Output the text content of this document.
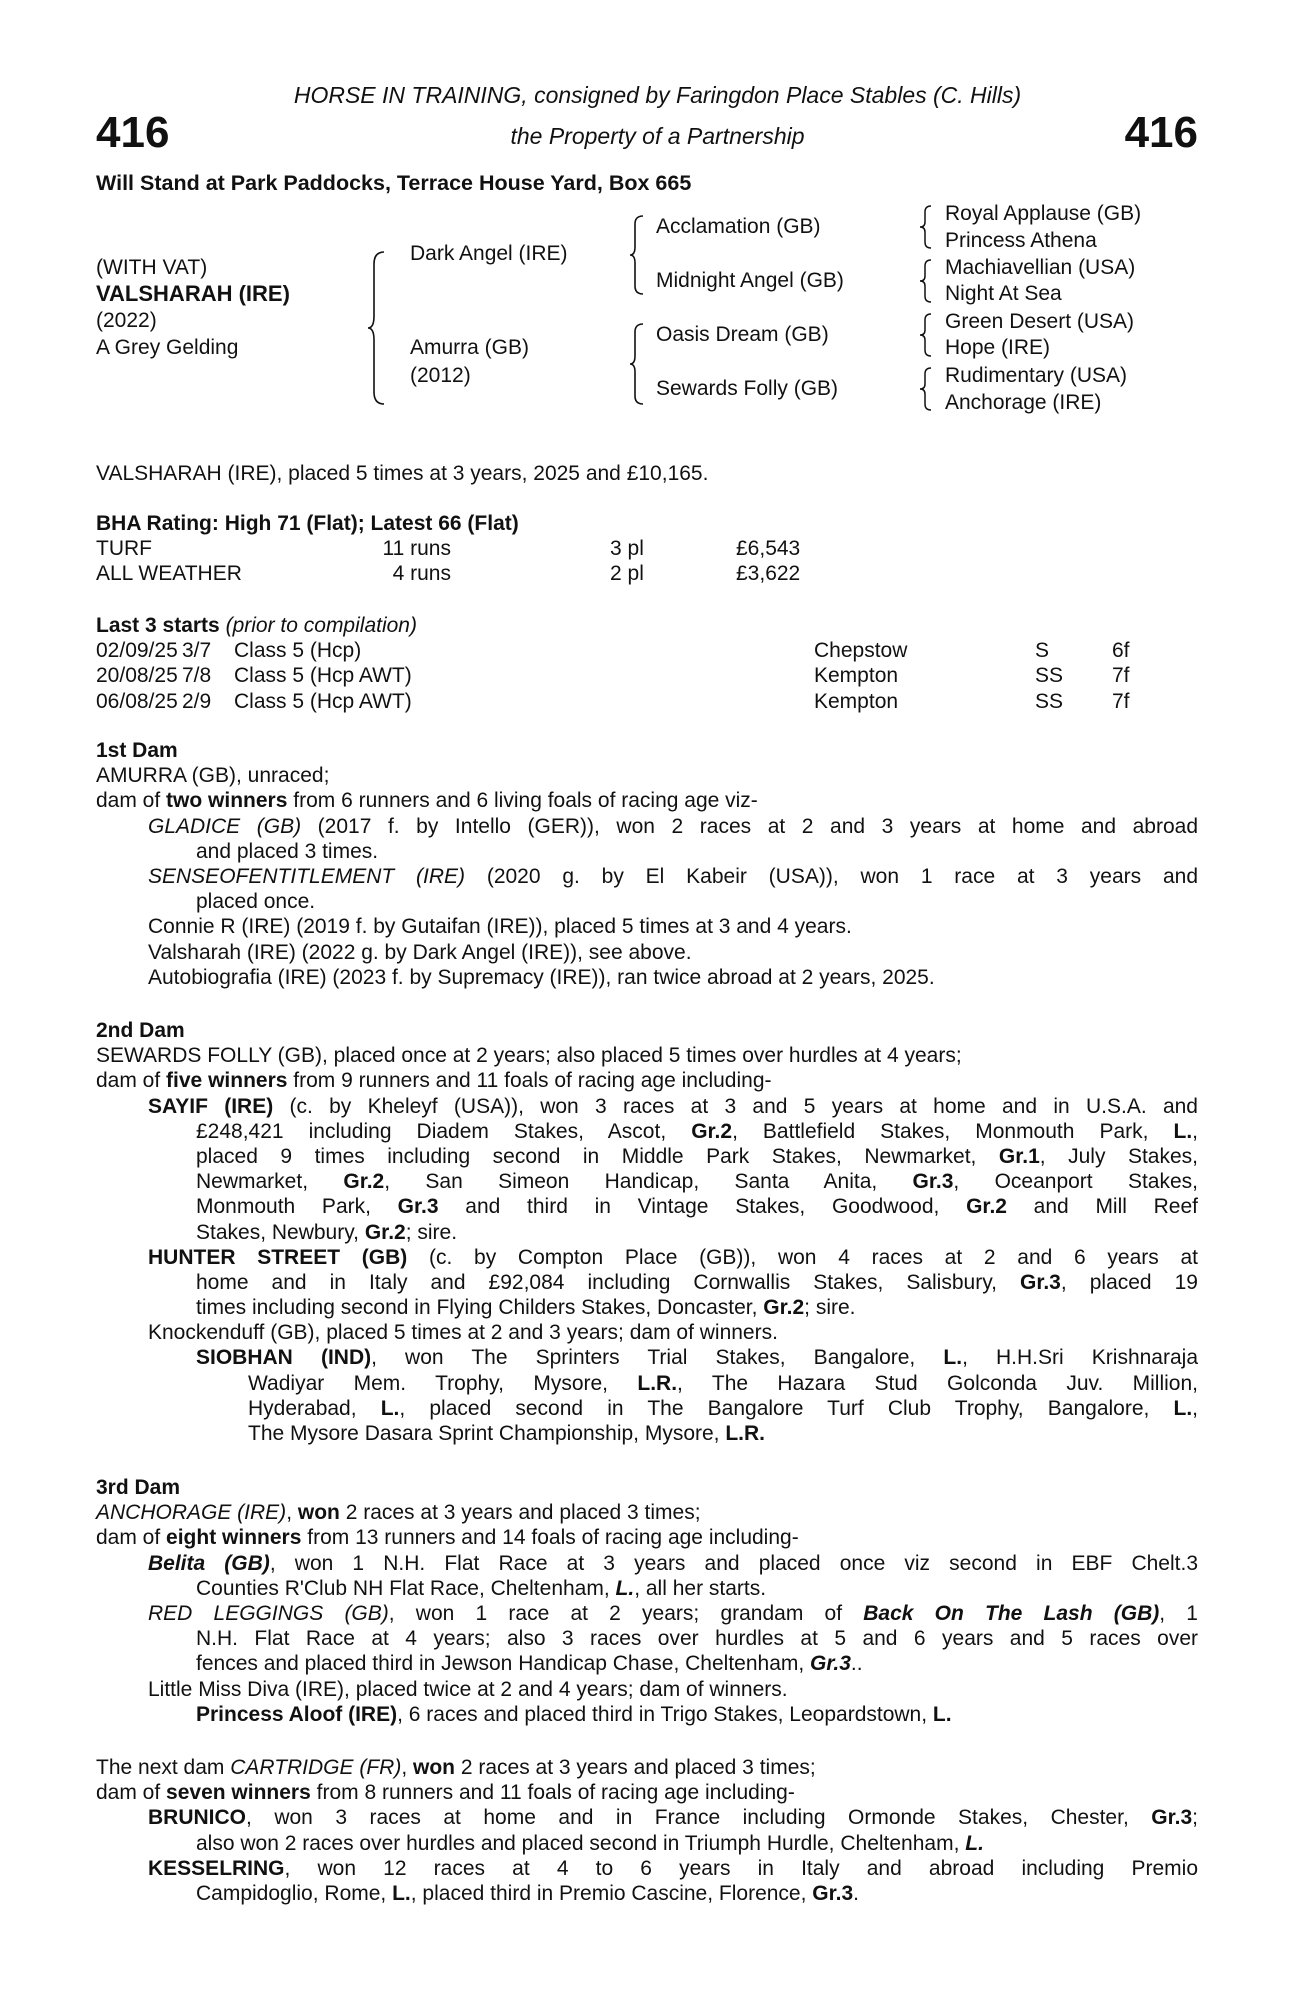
HORSE IN TRAINING, consigned by Faringdon Place Stables (C. Hills)
416	the Property of a Partnership	416
Will Stand at Park Paddocks, Terrace House Yard, Box 665
(WITH VAT)
VALSHARAH (IRE)
(2022)
A Grey Gelding
Dark Angel (IRE)
Amurra (GB)
(2012)
Acclamation (GB)
Midnight Angel (GB)
Oasis Dream (GB)
Sewards Folly (GB)
Royal Applause (GB)
Princess Athena
Machiavellian (USA)
Night At Sea
Green Desert (USA)
Hope (IRE)
Rudimentary (USA)
Anchorage (IRE)
VALSHARAH (IRE), placed 5 times at 3 years, 2025 and £10,165.
BHA Rating: High 71 (Flat); Latest 66 (Flat)
TURF	11 runs	3 pl	£6,543
ALL WEATHER	4 runs	2 pl	£3,622
Last 3 starts (prior to compilation)
02/09/25 3/7 Class 5 (Hcp)	Chepstow	S	6f
20/08/25 7/8 Class 5 (Hcp AWT)	Kempton	SS 7f
06/08/25 2/9 Class 5 (Hcp AWT)	Kempton	SS 7f
1st Dam
AMURRA (GB), unraced;
dam of two winners from 6 runners and 6 living foals of racing age viz-
GLADICE (GB) (2017 f. by Intello (GER)), won 2 races at 2 and 3 years at home and abroad
and placed 3 times.
SENSEOFENTITLEMENT (IRE) (2020 g. by El Kabeir (USA)), won 1 race at 3 years and
placed once.
Connie R (IRE) (2019 f. by Gutaifan (IRE)), placed 5 times at 3 and 4 years.
Valsharah (IRE) (2022 g. by Dark Angel (IRE)), see above.
Autobiografia (IRE) (2023 f. by Supremacy (IRE)), ran twice abroad at 2 years, 2025.
2nd Dam
SEWARDS FOLLY (GB), placed once at 2 years; also placed 5 times over hurdles at 4 years;
dam of five winners from 9 runners and 11 foals of racing age including-
SAYIF (IRE) (c. by Kheleyf (USA)), won 3 races at 3 and 5 years at home and in U.S.A. and
£248,421 including Diadem Stakes, Ascot, Gr.2, Battlefield Stakes, Monmouth Park, L.,
placed 9 times including second in Middle Park Stakes, Newmarket, Gr.1, July Stakes,
Newmarket, Gr.2, San Simeon Handicap, Santa Anita, Gr.3, Oceanport Stakes,
Monmouth Park, Gr.3 and third in Vintage Stakes, Goodwood, Gr.2 and Mill Reef
Stakes, Newbury, Gr.2; sire.
HUNTER STREET (GB) (c. by Compton Place (GB)), won 4 races at 2 and 6 years at
home and in Italy and £92,084 including Cornwallis Stakes, Salisbury, Gr.3, placed 19
times including second in Flying Childers Stakes, Doncaster, Gr.2; sire.
Knockenduff (GB), placed 5 times at 2 and 3 years; dam of winners.
SIOBHAN (IND), won The Sprinters Trial Stakes, Bangalore, L., H.H.Sri Krishnaraja
Wadiyar Mem. Trophy, Mysore, L.R., The Hazara Stud Golconda Juv. Million,
Hyderabad, L., placed second in The Bangalore Turf Club Trophy, Bangalore, L.,
The Mysore Dasara Sprint Championship, Mysore, L.R.
3rd Dam
ANCHORAGE (IRE), won 2 races at 3 years and placed 3 times;
dam of eight winners from 13 runners and 14 foals of racing age including-
Belita (GB), won 1 N.H. Flat Race at 3 years and placed once viz second in EBF Chelt.3
Counties R'Club NH Flat Race, Cheltenham, L., all her starts.
RED LEGGINGS (GB), won 1 race at 2 years; grandam of Back On The Lash (GB), 1
N.H. Flat Race at 4 years; also 3 races over hurdles at 5 and 6 years and 5 races over
fences and placed third in Jewson Handicap Chase, Cheltenham, Gr.3..
Little Miss Diva (IRE), placed twice at 2 and 4 years; dam of winners.
Princess Aloof (IRE), 6 races and placed third in Trigo Stakes, Leopardstown, L.
The next dam CARTRIDGE (FR), won 2 races at 3 years and placed 3 times;
dam of seven winners from 8 runners and 11 foals of racing age including-
BRUNICO, won 3 races at home and in France including Ormonde Stakes, Chester, Gr.3;
also won 2 races over hurdles and placed second in Triumph Hurdle, Cheltenham, L.
KESSELRING, won 12 races at 4 to 6 years in Italy and abroad including Premio
Campidoglio, Rome, L., placed third in Premio Cascine, Florence, Gr.3.
